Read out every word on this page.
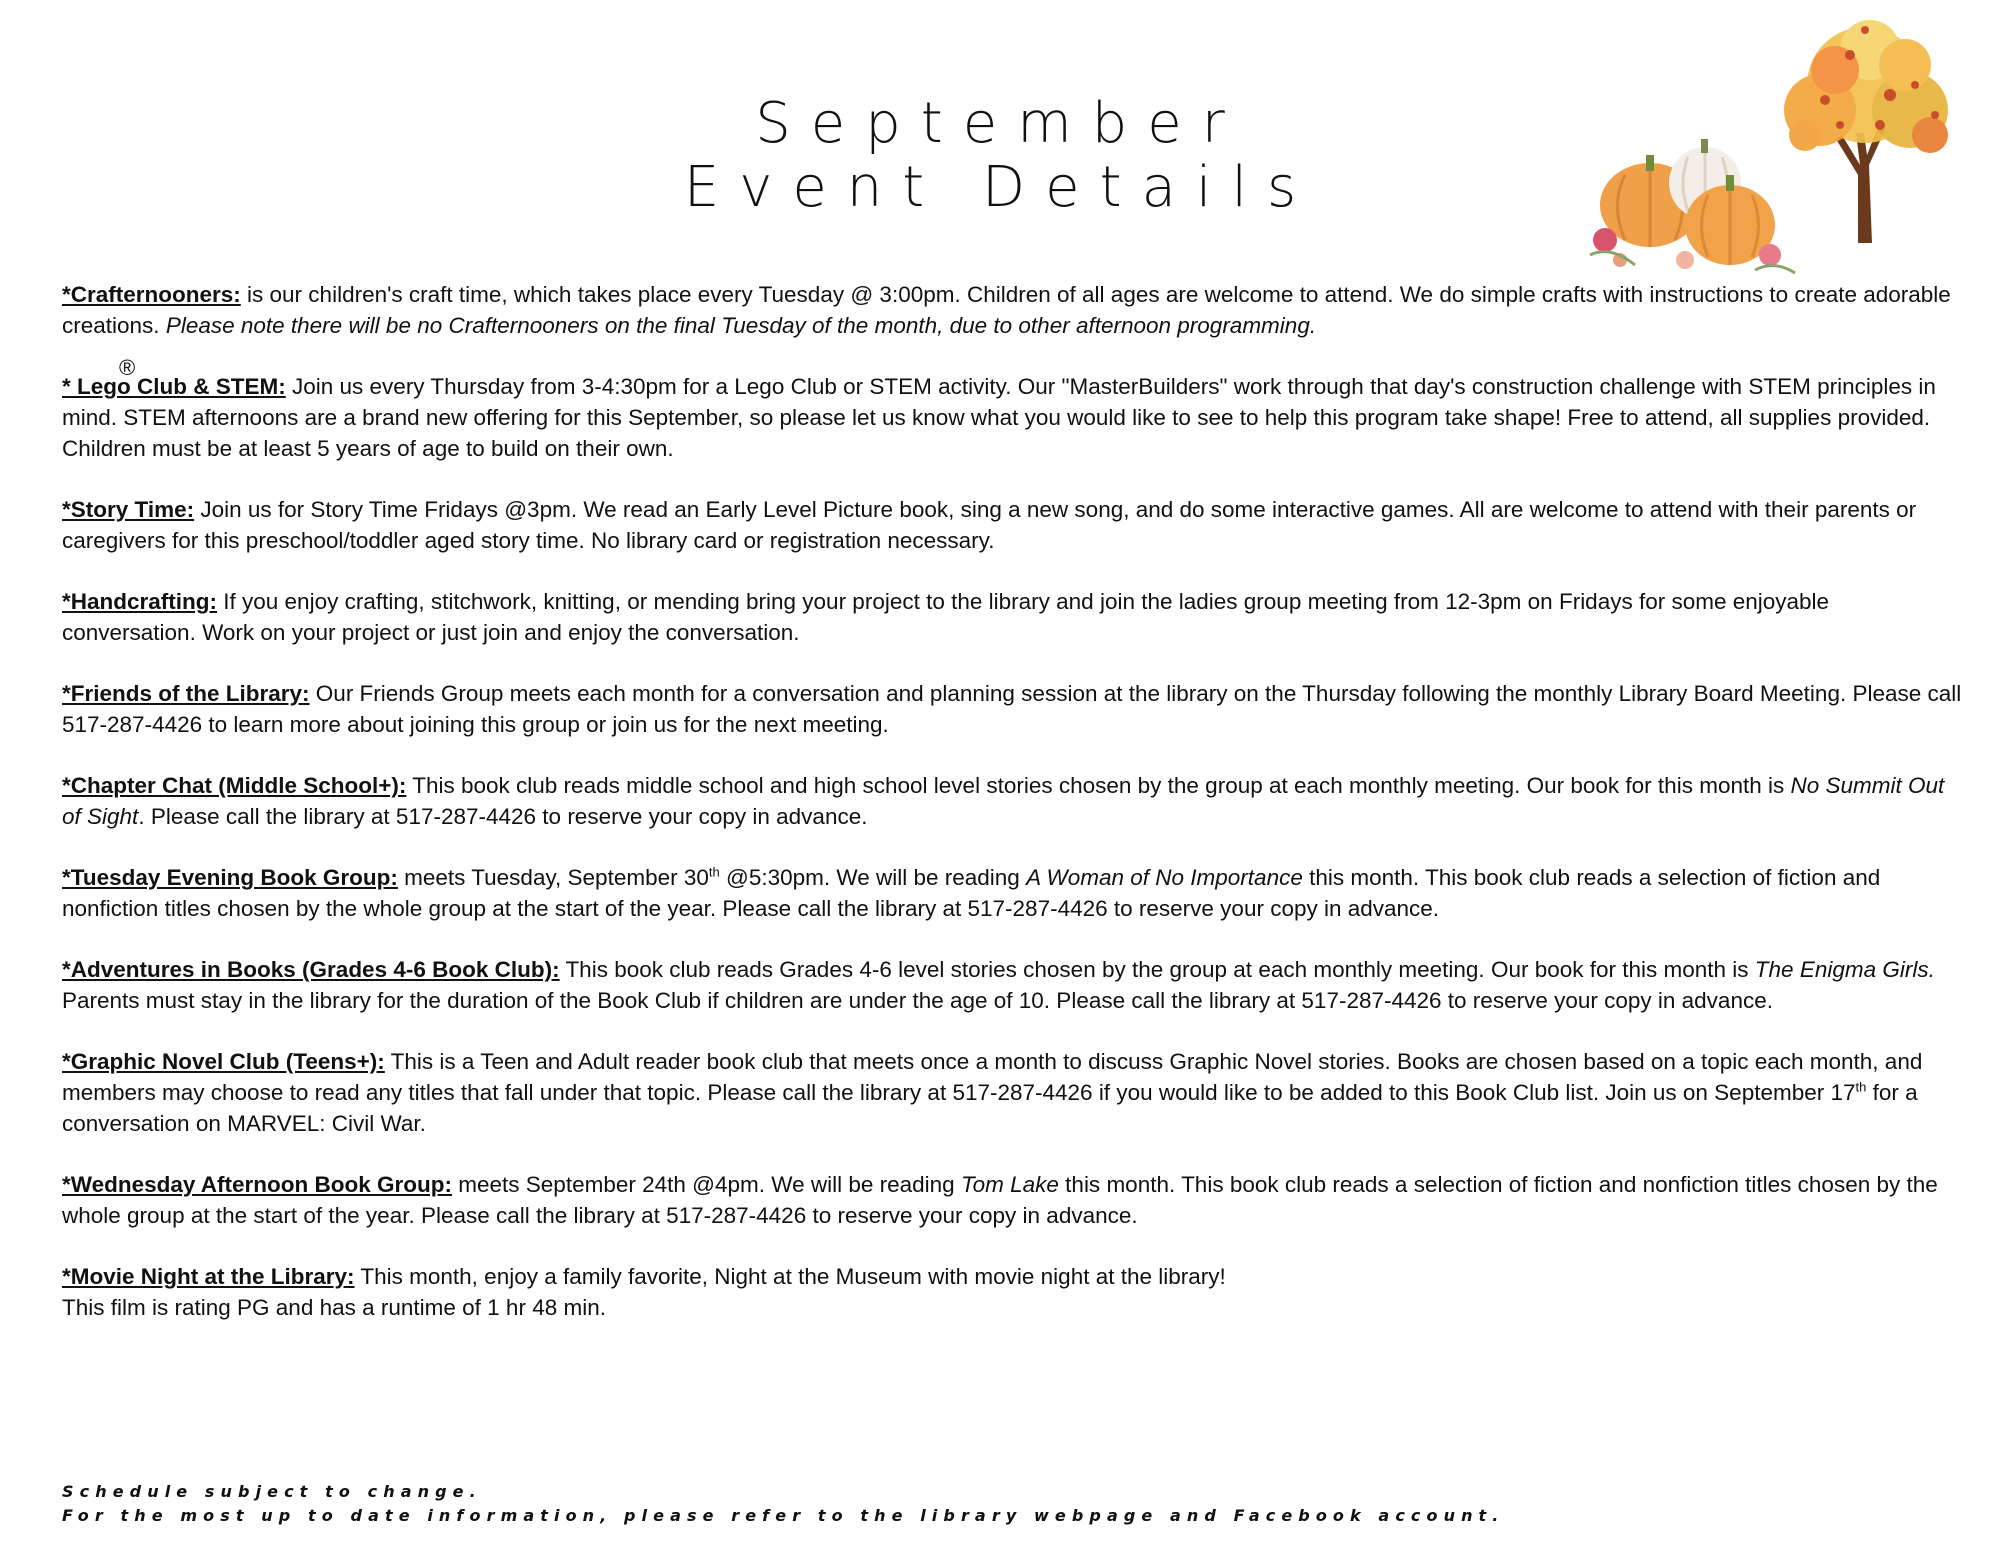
September
Event Details
*Crafternooners: is our children's craft time, which takes place every Tuesday @ 3:00pm. Children of all ages are welcome to attend. We do simple crafts with instructions to create adorable creations. Please note there will be no Crafternooners on the final Tuesday of the month, due to other afternoon programming.
* Lego Club & STEM:
®
Join us every Thursday from 3-4:30pm for a Lego Club or STEM activity. Our "MasterBuilders" work through that day's construction challenge with STEM principles in mind. STEM afternoons are a brand new offering for this September, so please let us know what you would like to see to help this program take shape! Free to attend, all supplies provided. Children must be at least 5 years of age to build on their own.
*Story Time: Join us for Story Time Fridays @3pm. We read an Early Level Picture book, sing a new song, and do some interactive games. All are welcome to attend with their parents or caregivers for this preschool/toddler aged story time. No library card or registration necessary.
*Handcrafting: If you enjoy crafting, stitchwork, knitting, or mending bring your project to the library and join the ladies group meeting from 12-3pm on Fridays for some enjoyable conversation. Work on your project or just join and enjoy the conversation.
*Friends of the Library: Our Friends Group meets each month for a conversation and planning session at the library on the Thursday following the monthly Library Board Meeting. Please call 517-287-4426 to learn more about joining this group or join us for the next meeting.
*Chapter Chat (Middle School+): This book club reads middle school and high school level stories chosen by the group at each monthly meeting. Our book for this month is No Summit Out of Sight. Please call the library at 517-287-4426 to reserve your copy in advance.
*Tuesday Evening Book Group: meets Tuesday, September 30th @5:30pm. We will be reading A Woman of No Importance this month. This book club reads a selection of fiction and nonfiction titles chosen by the whole group at the start of the year. Please call the library at 517-287-4426 to reserve your copy in advance.
*Adventures in Books (Grades 4-6 Book Club): This book club reads Grades 4-6 level stories chosen by the group at each monthly meeting. Our book for this month is The Enigma Girls. Parents must stay in the library for the duration of the Book Club if children are under the age of 10. Please call the library at 517-287-4426 to reserve your copy in advance.
*Graphic Novel Club (Teens+): This is a Teen and Adult reader book club that meets once a month to discuss Graphic Novel stories. Books are chosen based on a topic each month, and members may choose to read any titles that fall under that topic. Please call the library at 517-287-4426 if you would like to be added to this Book Club list. Join us on September 17th for a conversation on MARVEL: Civil War.
*Wednesday Afternoon Book Group: meets September 24th @4pm. We will be reading Tom Lake this month. This book club reads a selection of fiction and nonfiction titles chosen by the whole group at the start of the year. Please call the library at 517-287-4426 to reserve your copy in advance.
*Movie Night at the Library: This month, enjoy a family favorite, Night at the Museum with movie night at the library!
This film is rating PG and has a runtime of 1 hr 48 min.
Schedule subject to change.
For the most up to date information, please refer to the library webpage and Facebook account.
